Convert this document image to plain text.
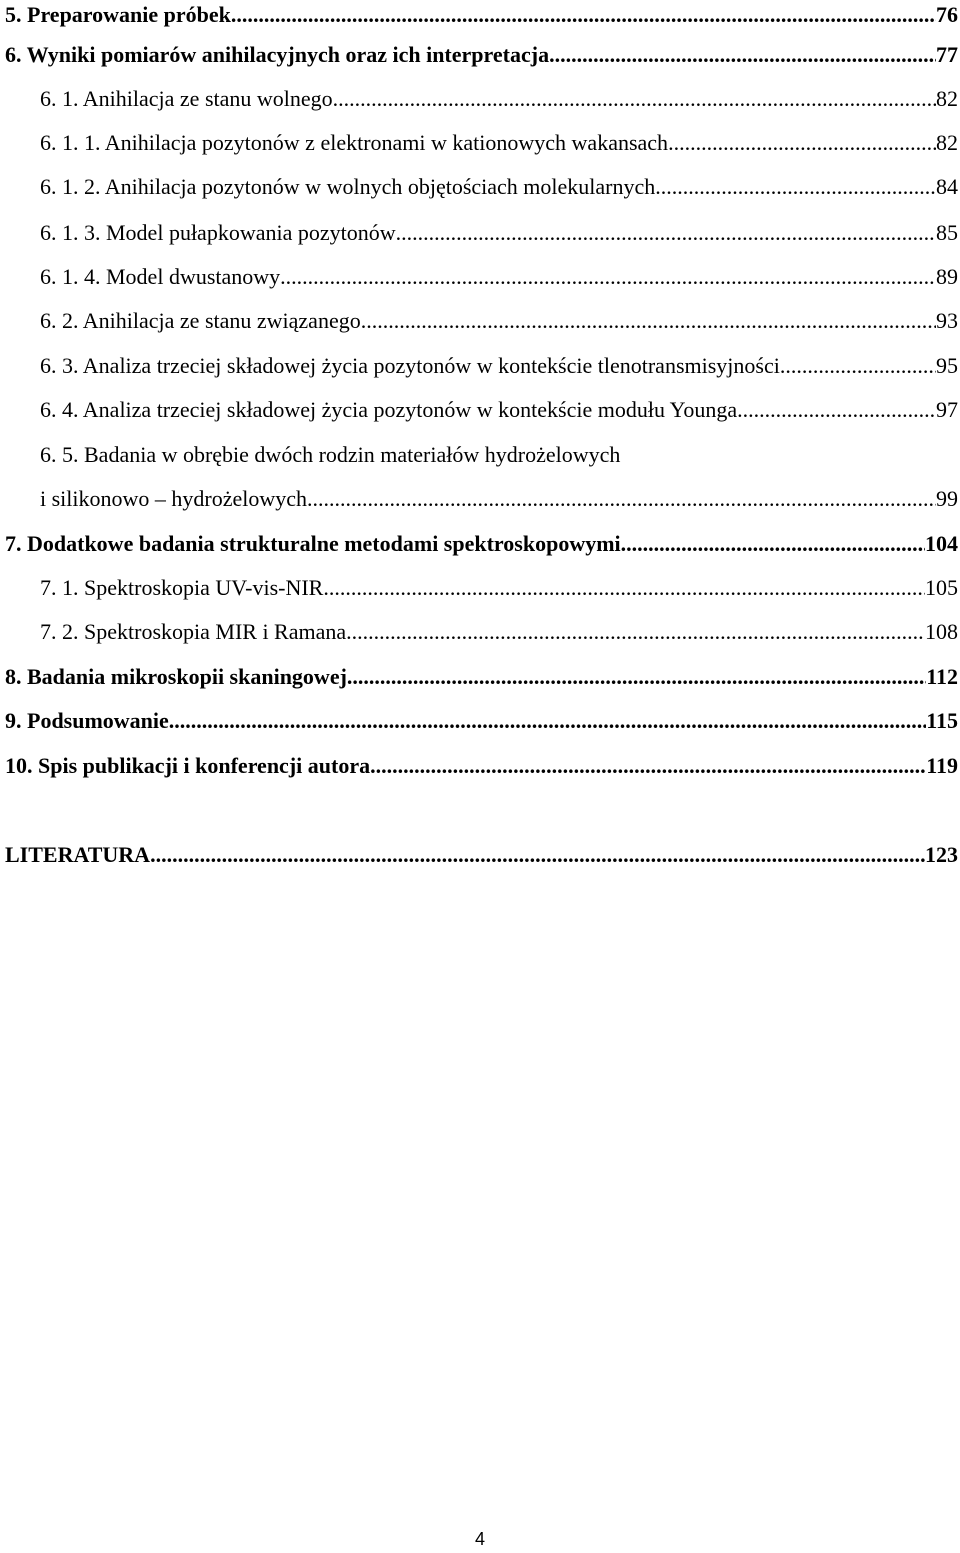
5. Preparowanie próbek .....	76
6. Wyniki pomiarów anihilacyjnych oraz ich interpretacja .....	77
6. 1. Anihilacja ze stanu wolnego .....	82
6. 1. 1. Anihilacja pozytonów z elektronami w kationowych wakansach .....	82
6. 1. 2. Anihilacja pozytonów w wolnych objętościach molekularnych .....	84
6. 1. 3. Model pułapkowania pozytonów .....	85
6. 1. 4. Model dwustanowy .....	89
6. 2. Anihilacja ze stanu związanego .....	93
6. 3. Analiza trzeciej składowej życia pozytonów w kontekście tlenotransmisyjności .....	95
6. 4. Analiza trzeciej składowej życia pozytonów w kontekście modułu Younga .....	97
6. 5. Badania w obrębie dwóch rodzin materiałów hydrożelowych
i silikonowo – hydrożelowych .....	99
7. Dodatkowe badania strukturalne metodami spektroskopowymi .....	104
7. 1. Spektroskopia UV-vis-NIR .....	105
7. 2. Spektroskopia MIR i Ramana .....	108
8. Badania mikroskopii skaningowej .....	112
9. Podsumowanie .....	115
10. Spis publikacji i konferencji autora .....	119
LITERATURA .....	123
4
